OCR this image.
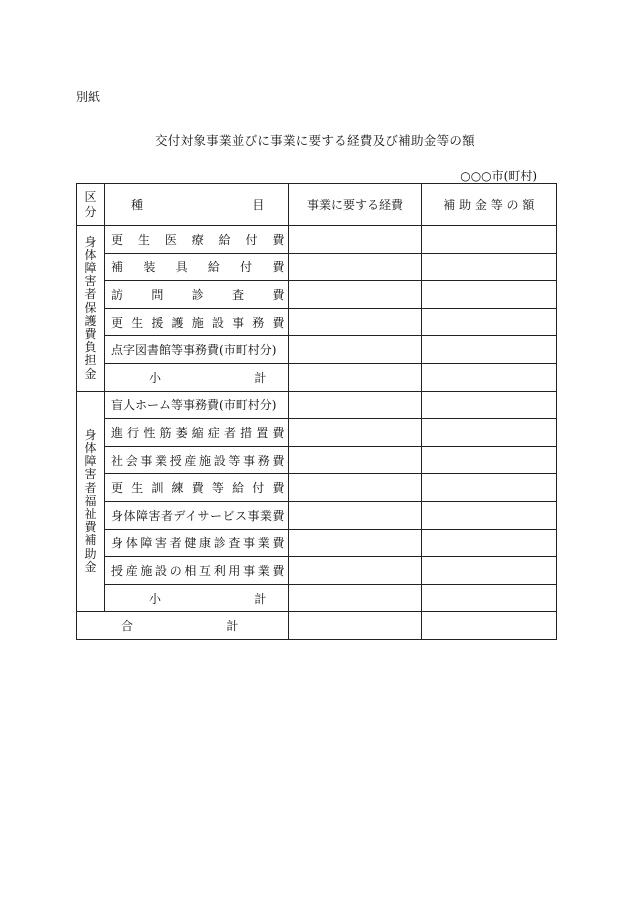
別紙
交付対象事業並びに事業に要する経費及び補助金等の額
○○○市(町村)
区分	種　　　　　　　目	事業に要する経費	補 助 金 等 の 額
身体障害者保護費負担金	更生医療給付費		

	補装具給付費		

	訪問診査費		

	更生援護施設事務費		

	点字図書館等事務費(市町村分)		

	小　　計		

身体障害者福祉費補助金	盲人ホーム等事務費(市町村分)		

	進行性筋萎縮症者措置費		

	社会事業授産施設等事務費		

	更生訓練費等給付費		

	身体障害者デイサービス事業費		

	身体障害者健康診査事業費		

	授産施設の相互利用事業費		

	小　　計		

合　　計			
